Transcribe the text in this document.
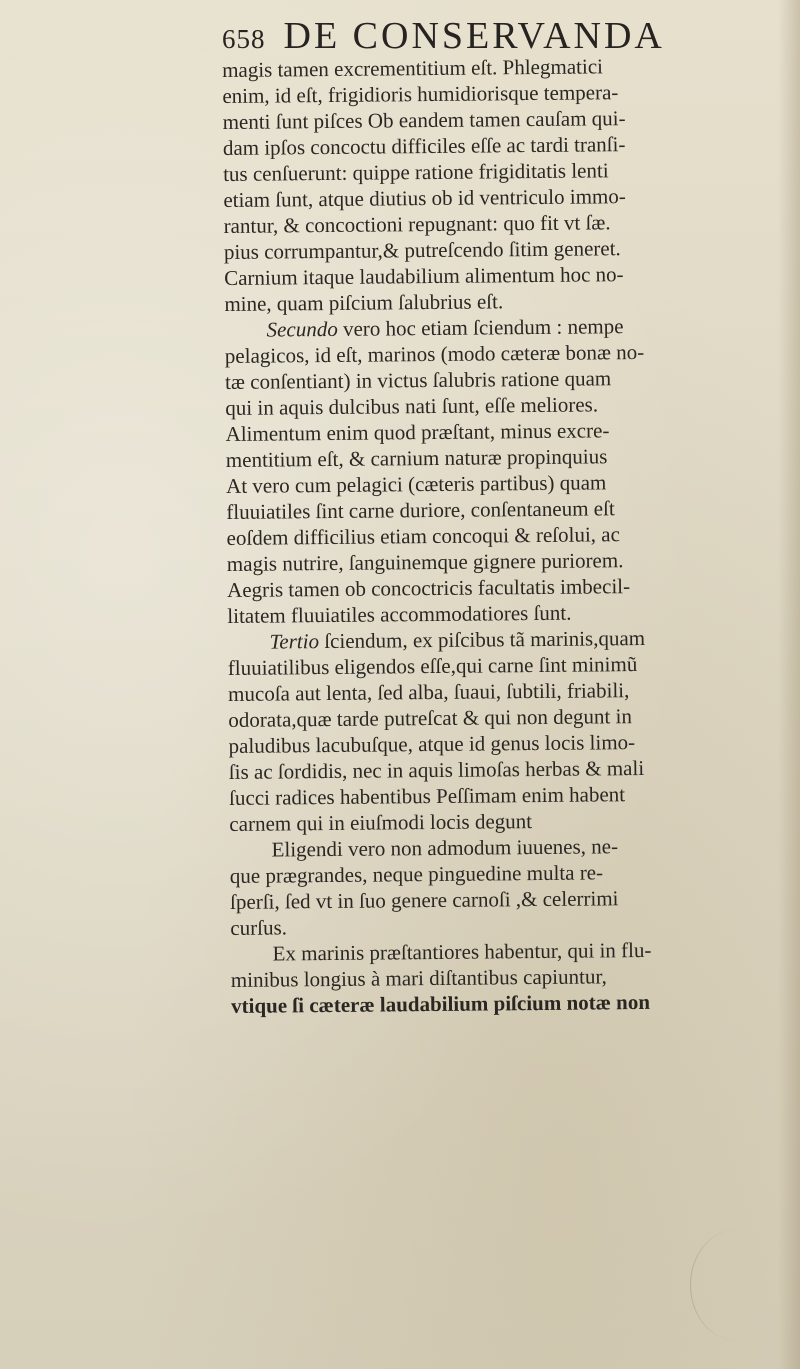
658 DE CONSERVANDA
magis tamen excrementitium eſt. Phlegmatici
enim, id eſt, frigidioris humidiorisque tempera-
menti ſunt piſces Ob eandem tamen cauſam qui-
dam ipſos concoctu difficiles eſſe ac tardi tranſi-
tus cenſuerunt: quippe ratione frigiditatis lenti
etiam ſunt, atque diutius ob id ventriculo immo-
rantur, & concoctioni repugnant: quo fit vt ſæ.
pius corrumpantur,& putreſcendo ſitim generet.
Carnium itaque laudabilium alimentum hoc no-
mine, quam piſcium ſalubrius eſt.
Secundo vero hoc etiam ſciendum : nempe
pelagicos, id eſt, marinos (modo cæteræ bonæ no-
tæ conſentiant) in victus ſalubris ratione quam
qui in aquis dulcibus nati ſunt, eſſe meliores.
Alimentum enim quod præſtant, minus excre-
mentitium eſt, & carnium naturæ propinquius
At vero cum pelagici (cæteris partibus) quam
fluuiatiles ſint carne duriore, conſentaneum eſt
eoſdem difficilius etiam concoqui & reſolui, ac
magis nutrire, ſanguinemque gignere puriorem.
Aegris tamen ob concoctricis facultatis imbecil-
litatem fluuiatiles accommodatiores ſunt.
Tertio ſciendum, ex piſcibus tã marinis,quam
fluuiatilibus eligendos eſſe,qui carne ſint minimũ
mucoſa aut lenta, ſed alba, ſuaui, ſubtili, friabili,
odorata,quæ tarde putreſcat & qui non degunt in
paludibus lacubuſque, atque id genus locis limo-
ſis ac ſordidis, nec in aquis limoſas herbas & mali
ſucci radices habentibus Peſſimam enim habent
carnem qui in eiuſmodi locis degunt
Eligendi vero non admodum iuuenes, ne-
que prægrandes, neque pinguedine multa re-
ſperſi, ſed vt in ſuo genere carnoſi ,& celerrimi
curſus.
Ex marinis præſtantiores habentur, qui in flu-
minibus longius à mari diſtantibus capiuntur,
vtique ſi cæteræ laudabilium piſcium notæ non
